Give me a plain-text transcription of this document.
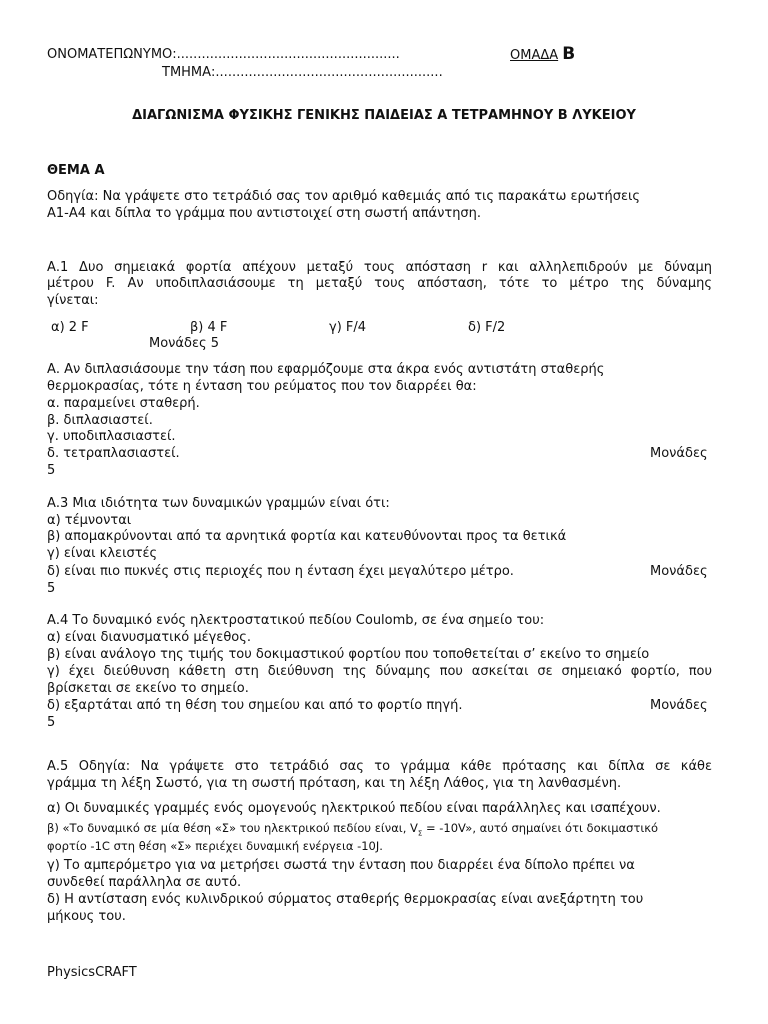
ΟΝΟΜΑΤΕΠΩΝΥΜΟ:......................................................	ΟΜΑΔΑ Β
ΤΜΗΜΑ:.......................................................
ΔΙΑΓΩΝΙΣΜΑ ΦΥΣΙΚΗΣ ΓΕΝΙΚΗΣ ΠΑΙΔΕΙΑΣ Α ΤΕΤΡΑΜΗΝΟΥ Β ΛΥΚΕΙΟΥ
ΘΕΜΑ Α
Οδηγία: Να γράψετε στο τετράδιό σας τον αριθμό καθεμιάς από τις παρακάτω ερωτήσεις
Α1-Α4 και δίπλα το γράμμα που αντιστοιχεί στη σωστή απάντηση.
Α.1 Δυο σημειακά φορτία απέχουν μεταξύ τους απόσταση r και αλληλεπιδρούν με δύναμη
μέτρου F. Αν υποδιπλασιάσουμε τη μεταξύ τους απόσταση, τότε το μέτρο της δύναμης
γίνεται:
α) 2 F	β) 4 F	γ) F/4	δ) F/2
Μονάδες 5
Α. Αν διπλασιάσουμε την τάση που εφαρμόζουμε στα άκρα ενός αντιστάτη σταθερής
θερμοκρασίας, τότε η ένταση του ρεύματος που τον διαρρέει θα:
α. παραμείνει σταθερή.
β. διπλασιαστεί.
γ. υποδιπλασιαστεί.
δ. τετραπλασιαστεί.	Μονάδες
5
Α.3 Μια ιδιότητα των δυναμικών γραμμών είναι ότι:
α) τέμνονται
β) απομακρύνονται από τα αρνητικά φορτία και κατευθύνονται προς τα θετικά
γ) είναι κλειστές
δ) είναι πιο πυκνές στις περιοχές που η ένταση έχει μεγαλύτερο μέτρο.	Μονάδες
5
Α.4 Το δυναμικό ενός ηλεκτροστατικού πεδίου Coulomb, σε ένα σημείο του:
α) είναι διανυσματικό μέγεθος.
β) είναι ανάλογο της τιμής του δοκιμαστικού φορτίου που τοποθετείται σ’ εκείνο το σημείο
γ) έχει διεύθυνση κάθετη στη διεύθυνση της δύναμης που ασκείται σε σημειακό φορτίο, που
βρίσκεται σε εκείνο το σημείο.
δ) εξαρτάται από τη θέση του σημείου και από το φορτίο πηγή.	Μονάδες
5
Α.5 Οδηγία: Να γράψετε στο τετράδιό σας το γράμμα κάθε πρότασης και δίπλα σε κάθε
γράμμα τη λέξη Σωστό, για τη σωστή πρόταση, και τη λέξη Λάθος, για τη λανθασμένη.
α) Οι δυναμικές γραμμές ενός ομογενούς ηλεκτρικού πεδίου είναι παράλληλες και ισαπέχουν.
β) «Το δυναμικό σε μία θέση «Σ» του ηλεκτρικού πεδίου είναι, $V_\Sigma = -10V$», αυτό σημαίνει ότι δοκιμαστικό
φορτίο -1C στη θέση «Σ» περιέχει δυναμική ενέργεια -10J.
γ) Το αμπερόμετρο για να μετρήσει σωστά την ένταση που διαρρέει ένα δίπολο πρέπει να
συνδεθεί παράλληλα σε αυτό.
δ) Η αντίσταση ενός κυλινδρικού σύρματος σταθερής θερμοκρασίας είναι ανεξάρτητη του
μήκους του.
PhysicsCRAFT
